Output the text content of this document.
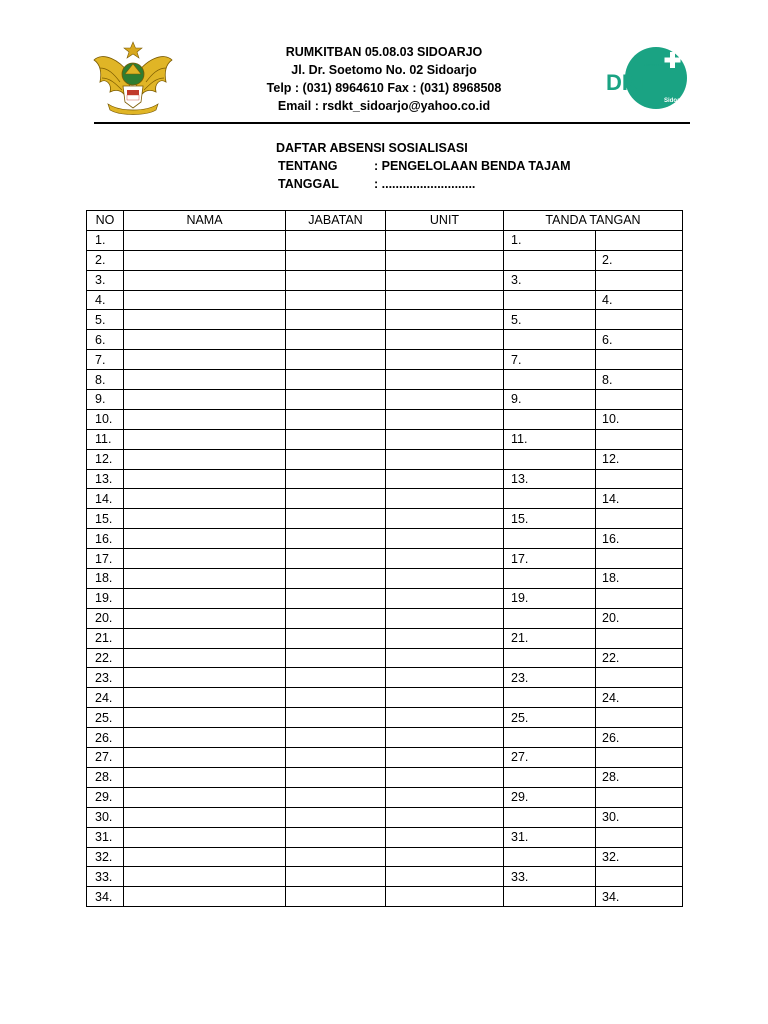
RUMKITBAN 05.08.03 SIDOARJO
Jl. Dr. Soetomo No. 02 Sidoarjo
Telp : (031) 8964610 Fax : (031) 8968508
Email : rsdkt_sidoarjo@yahoo.co.id
Rumah Sakit
DKT
Sidoarjo
DAFTAR ABSENSI SOSIALISASI
TENTANG	: PENGELOLAAN BENDA TAJAM
TANGGAL	: ...........................
NO	NAMA	JABATAN	UNIT	TANDA TANGAN	
1.				1.	
2.					2.
3.				3.	
4.					4.
5.				5.	
6.					6.
7.				7.	
8.					8.
9.				9.	
10.					10.
11.				11.	
12.					12.
13.				13.	
14.					14.
15.				15.	
16.					16.
17.				17.	
18.					18.
19.				19.	
20.					20.
21.				21.	
22.					22.
23.				23.	
24.					24.
25.				25.	
26.					26.
27.				27.	
28.					28.
29.				29.	
30.					30.
31.				31.	
32.					32.
33.				33.	
34.					34.
